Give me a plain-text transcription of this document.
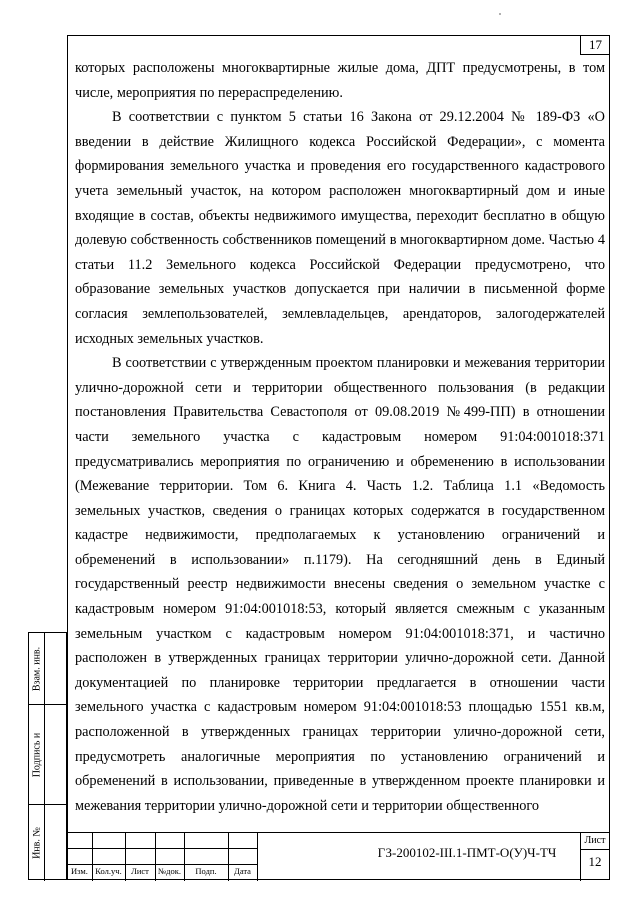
17

которых расположены многоквартирные жилые дома, ДПТ предусмотрены, в том числе, мероприятия по перераспределению.

В соответствии с пунктом 5 статьи 16 Закона от 29.12.2004 № 189-ФЗ «О введении в действие Жилищного кодекса Российской Федерации», с момента формирования земельного участка и проведения его государственного кадастрового учета земельный участок, на котором расположен многоквартирный дом и иные входящие в состав, объекты недвижимого имущества, переходит бесплатно в общую долевую собственность собственников помещений в многоквартирном доме. Частью 4 статьи 11.2 Земельного кодекса Российской Федерации предусмотрено, что образование земельных участков допускается при наличии в письменной форме согласия землепользователей, землевладельцев, арендаторов, залогодержателей исходных земельных участков.

В соответствии с утвержденным проектом планировки и межевания территории улично-дорожной сети и территории общественного пользования (в редакции постановления Правительства Севастополя от 09.08.2019 №499-ПП) в отношении части земельного участка с кадастровым номером 91:04:001018:371 предусматривались мероприятия по ограничению и обременению в использовании (Межевание территории. Том 6. Книга 4. Часть 1.2. Таблица 1.1 «Ведомость земельных участков, сведения о границах которых содержатся в государственном кадастре недвижимости, предполагаемых к установлению ограничений и обременений в использовании» п.1179). На сегодняшний день в Единый государственный реестр недвижимости внесены сведения о земельном участке с кадастровым номером 91:04:001018:53, который является смежным с указанным земельным участком с кадастровым номером 91:04:001018:371, и частично расположен в утвержденных границах территории улично-дорожной сети. Данной документацией по планировке территории предлагается в отношении части земельного участка с кадастровым номером 91:04:001018:53 площадью 1551 кв.м, расположенной в утвержденных границах территории улично-дорожной сети, предусмотреть аналогичные мероприятия по установлению ограничений и обременений в использовании, приведенные в утвержденном проекте планировки и межевания территории улично-дорожной сети и территории общественного

Взам. инв.
Подпись и
Инв. №
Изм. Кол.уч.	Лист	№док.	Подп.	Дата
ГЗ-200102-III.1-ПМТ-О(У)Ч-ТЧ
Лист
12
